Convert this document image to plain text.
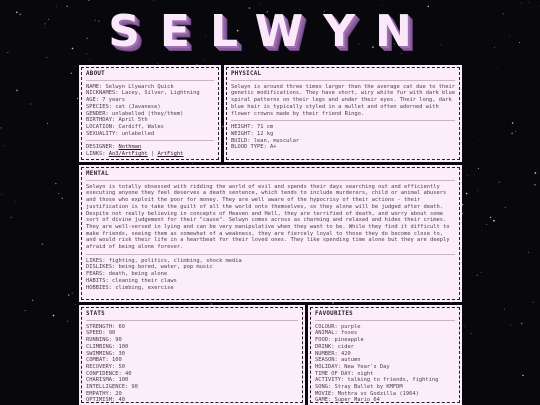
SELWYN
ABOUT
NAME: Selwyn Llywarch Quick
NICKNAMES: Lacey, Silver, Lightning
AGE: 7 years
SPECIES: cat (Javanese)
GENDER: unlabelled (they/them)
BIRTHDAY: April 5th
LOCATION: Cardiff, Wales
SEXUALITY: unlabelled
DESIGNER: Nothman
LINKS: Ao3/ArtFight | ArtFight
PHYSICAL
Selwyn is around three times larger than the average cat due to their genetic modifications. They have short, wiry white fur with dark blue spiral patterns on their legs and under their eyes. Their long, dark blue hair is typically styled in a mullet and often adorned with flower crowns made by their friend Ringo.
HEIGHT: 71 cm
WEIGHT: 12 kg
BUILD: lean, muscular
BLOOD TYPE: A+
MENTAL
Selwyn is totally obsessed with ridding the world of evil and spends their days searching out and efficiently executing anyone they feel deserves a death sentence, which tends to include murderers, child or animal abusers and those who exploit the poor for money. They are well aware of the hypocrisy of their actions - their justification is to take the guilt of all the world onto themselves, so they alone will be judged after death. Despite not really believing in concepts of Heaven and Hell, they are terrified of death, and worry about some sort of divine judgement for their "cause". Selwyn comes across as charming and relaxed and hides their crimes. They are well-versed in lying and can be very manipulative when they want to be. While they find it difficult to make friends, seeing them as somewhat of a weakness, they are fiercely loyal to those they do become close to, and would risk their life in a heartbeat for their loved ones. They like spending time alone but they are deeply afraid of being alone forever.
LIKES: fighting, politics, climbing, shock media
DISLIKES: being bored, water, pop music
FEARS: death, being alone
HABITS: cleaning their claws
HOBBIES: climbing, exercise
STATS
STRENGTH: 60
SPEED: 90
RUNNING: 90
CLIMBING: 100
SWIMMING: 30
COMBAT: 100
RECOVERY: 50
CONFIDENCE: 40
CHARISMA: 100
INTELLIGENCE: 90
EMPATHY: 20
OPTIMISM: 40
FAVOURITES
COLOUR: purple
ANIMAL: foxes
FOOD: pineapple
DRINK: cider
NUMBER: 420
SEASON: autumn
HOLIDAY: New Year's Day
TIME OF DAY: night
ACTIVITY: talking to friends, fighting
SONG: Stray Bullet by KMFDM
MOVIE: Mothra vs Godzilla (1964)
GAME: Super Mario 64
